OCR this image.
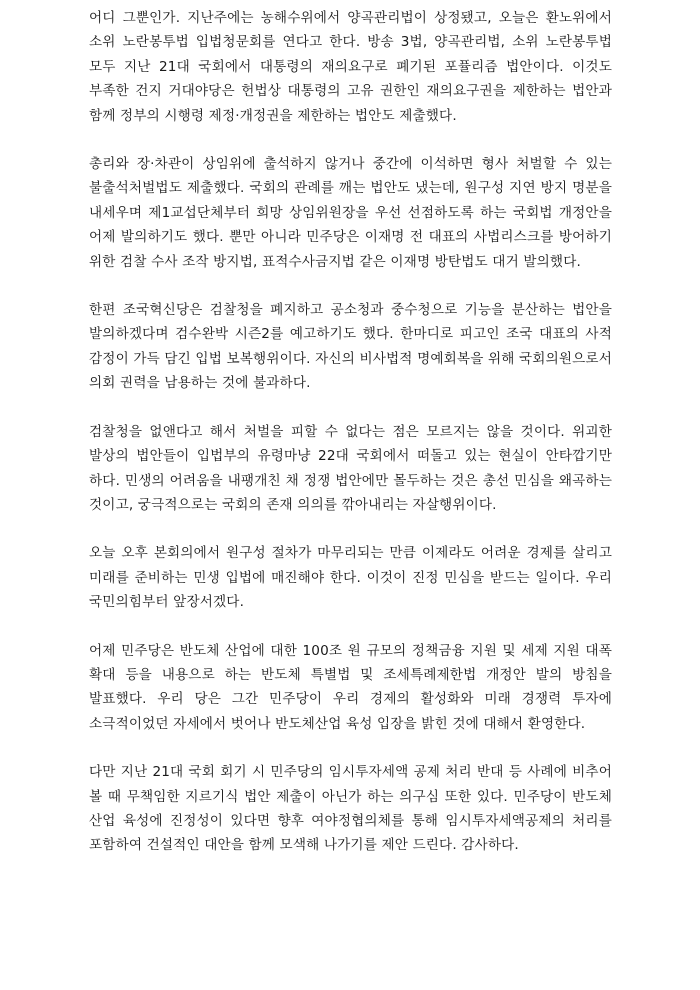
어디 그뿐인가. 지난주에는 농해수위에서 양곡관리법이 상정됐고, 오늘은 환노위에서 소위 노란봉투법 입법청문회를 연다고 한다. 방송 3법, 양곡관리법, 소위 노란봉투법 모두 지난 21대 국회에서 대통령의 재의요구로 폐기된 포퓰리즘 법안이다. 이것도 부족한 건지 거대야당은 헌법상 대통령의 고유 권한인 재의요구권을 제한하는 법안과 함께 정부의 시행령 제정·개정권을 제한하는 법안도 제출했다.

총리와 장·차관이 상임위에 출석하지 않거나 중간에 이석하면 형사 처벌할 수 있는 불출석처벌법도 제출했다. 국회의 관례를 깨는 법안도 냈는데, 원구성 지연 방지 명분을 내세우며 제1교섭단체부터 희망 상임위원장을 우선 선점하도록 하는 국회법 개정안을 어제 발의하기도 했다. 뿐만 아니라 민주당은 이재명 전 대표의 사법리스크를 방어하기 위한 검찰 수사 조작 방지법, 표적수사금지법 같은 이재명 방탄법도 대거 발의했다.

한편 조국혁신당은 검찰청을 폐지하고 공소청과 중수청으로 기능을 분산하는 법안을 발의하겠다며 검수완박 시즌2를 예고하기도 했다. 한마디로 피고인 조국 대표의 사적 감정이 가득 담긴 입법 보복행위이다. 자신의 비사법적 명예회복을 위해 국회의원으로서 의회 권력을 남용하는 것에 불과하다.

검찰청을 없앤다고 해서 처벌을 피할 수 없다는 점은 모르지는 않을 것이다. 위괴한 발상의 법안들이 입법부의 유령마냥 22대 국회에서 떠돌고 있는 현실이 안타깝기만 하다. 민생의 어려움을 내팽개친 채 정쟁 법안에만 몰두하는 것은 총선 민심을 왜곡하는 것이고, 궁극적으로는 국회의 존재 의의를 깎아내리는 자살행위이다.

오늘 오후 본회의에서 원구성 절차가 마무리되는 만큼 이제라도 어려운 경제를 살리고 미래를 준비하는 민생 입법에 매진해야 한다. 이것이 진정 민심을 받드는 일이다. 우리 국민의힘부터 앞장서겠다.

어제 민주당은 반도체 산업에 대한 100조 원 규모의 정책금융 지원 및 세제 지원 대폭 확대 등을 내용으로 하는 반도체 특별법 및 조세특례제한법 개정안 발의 방침을 발표했다. 우리 당은 그간 민주당이 우리 경제의 활성화와 미래 경쟁력 투자에 소극적이었던 자세에서 벗어나 반도체산업 육성 입장을 밝힌 것에 대해서 환영한다.

다만 지난 21대 국회 회기 시 민주당의 임시투자세액 공제 처리 반대 등 사례에 비추어 볼 때 무책임한 지르기식 법안 제출이 아닌가 하는 의구심 또한 있다. 민주당이 반도체 산업 육성에 진정성이 있다면 향후 여야정협의체를 통해 임시투자세액공제의 처리를 포함하여 건설적인 대안을 함께 모색해 나가기를 제안 드린다. 감사하다.
